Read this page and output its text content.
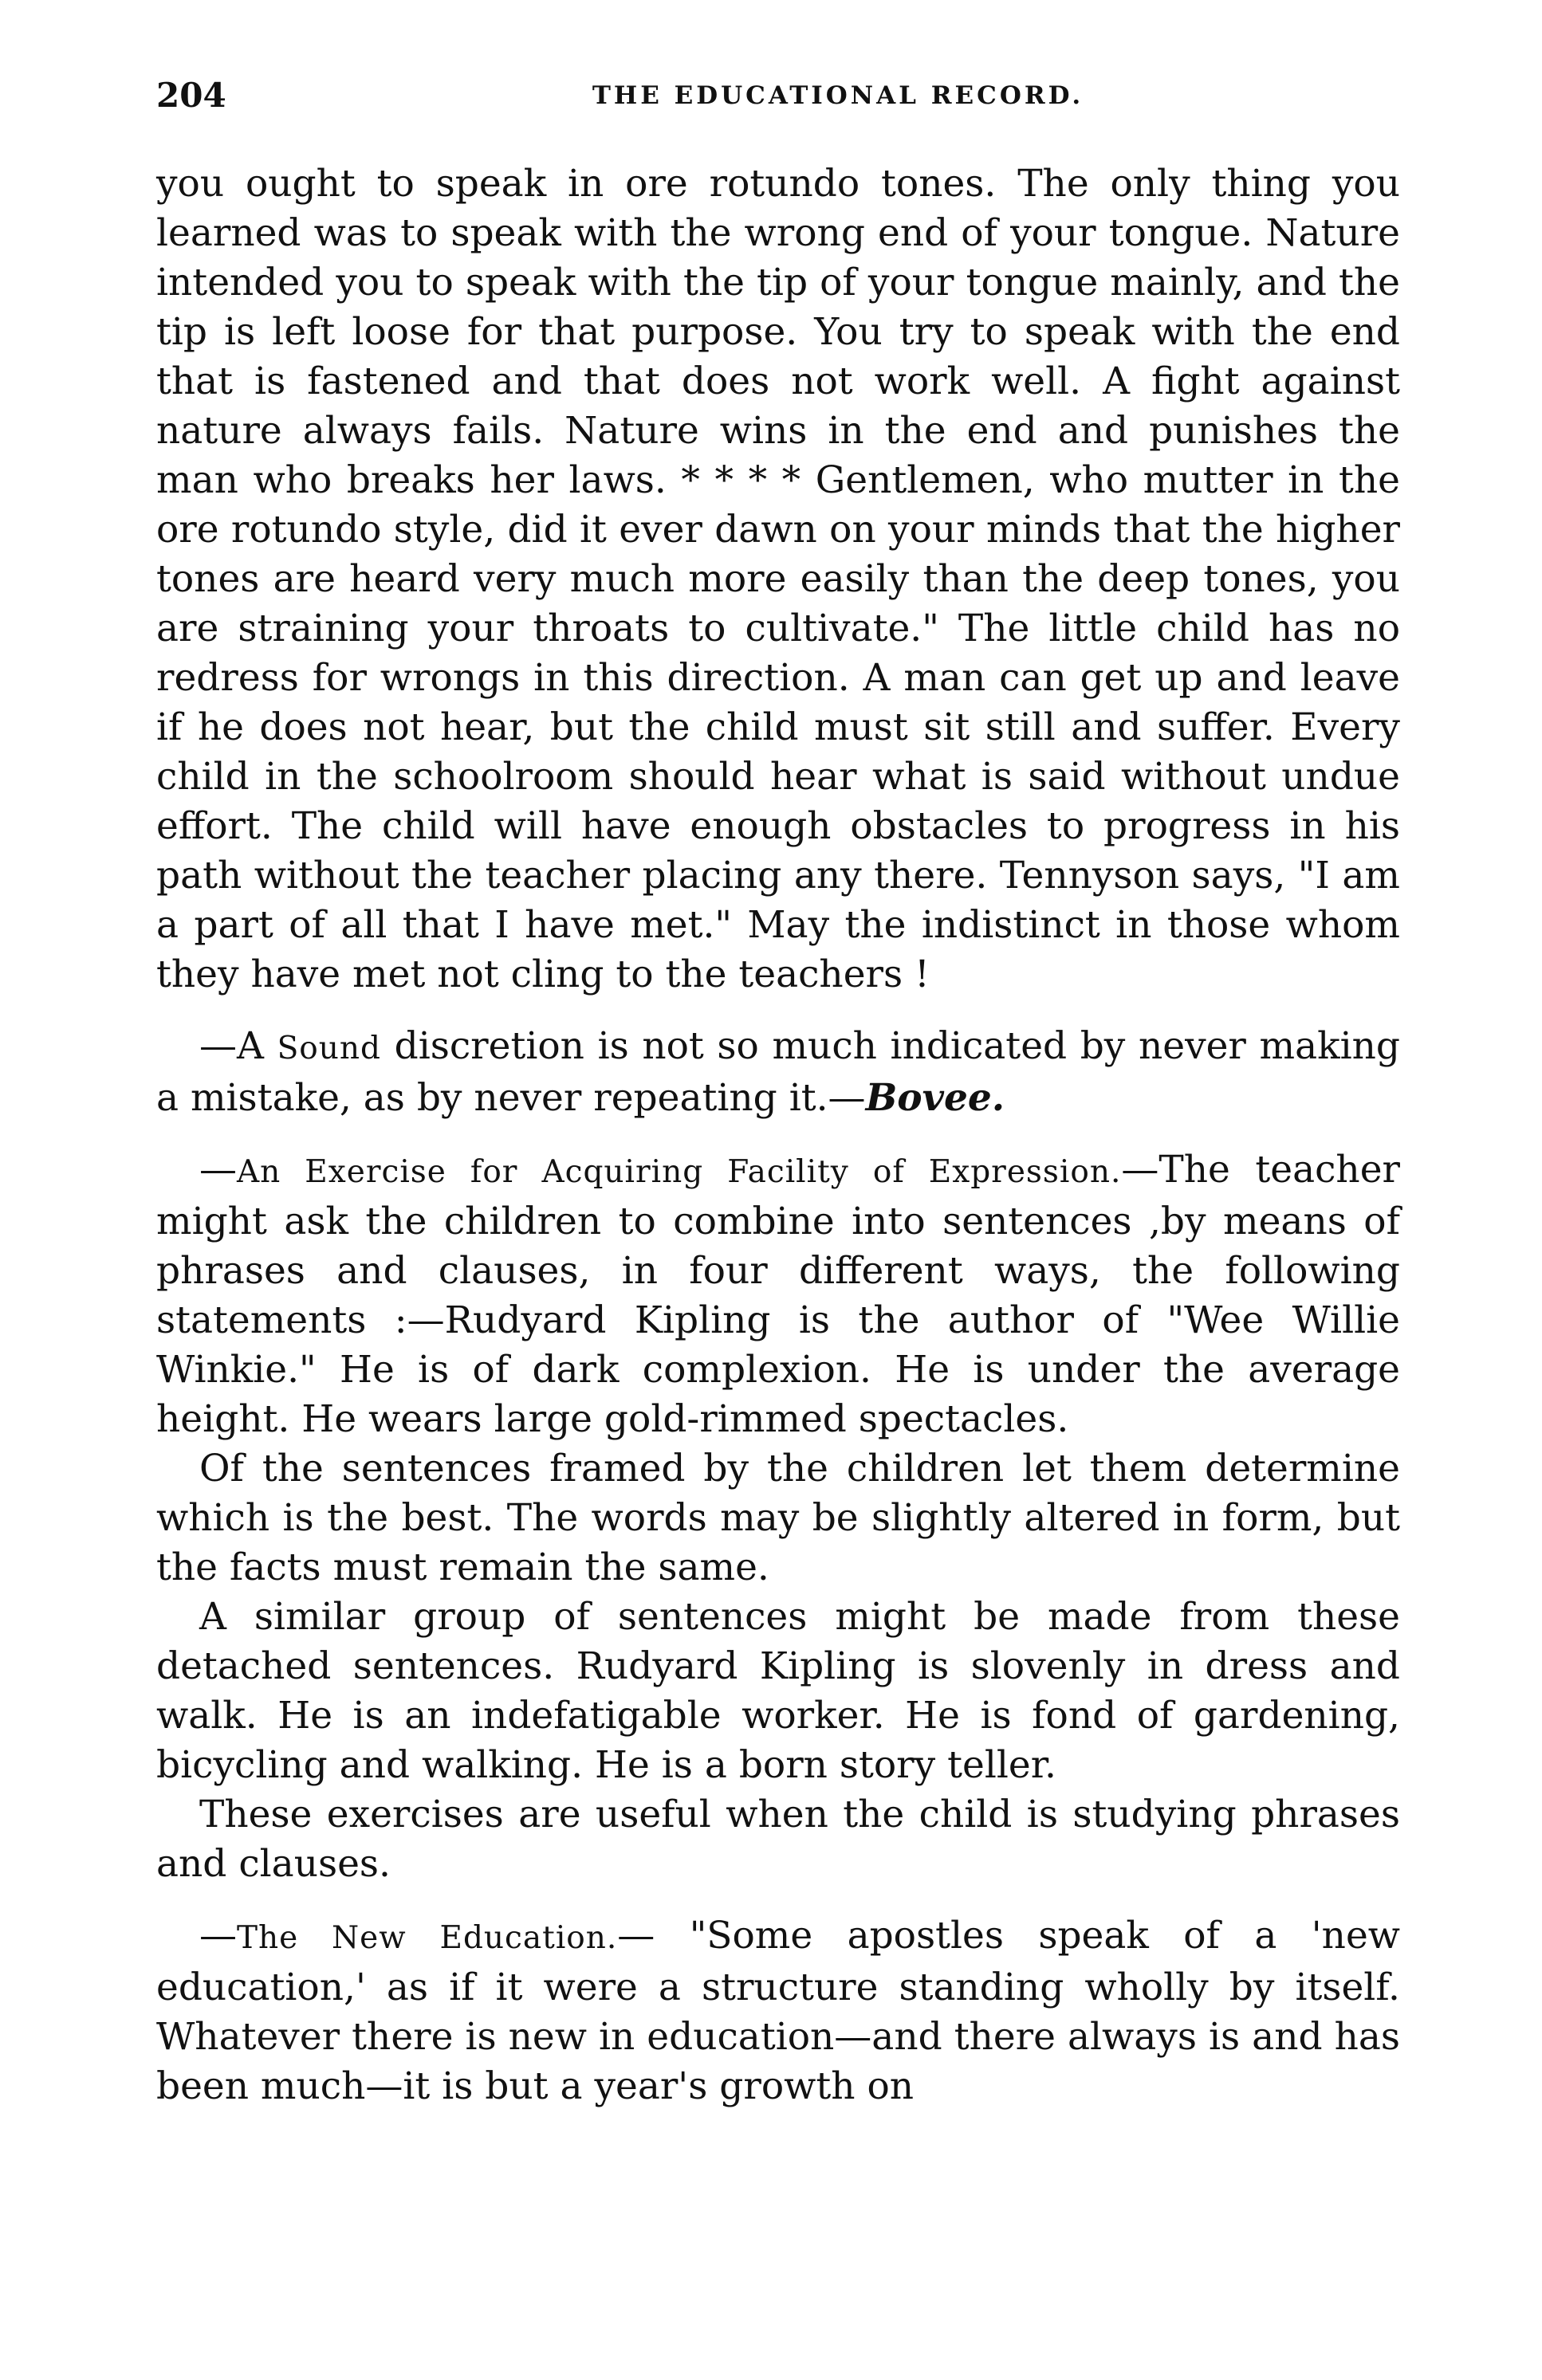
204	THE EDUCATIONAL RECORD.

you ought to speak in ore rotundo tones. The only thing you learned was to speak with the wrong end of your tongue. Nature intended you to speak with the tip of your tongue mainly, and the tip is left loose for that purpose. You try to speak with the end that is fastened and that does not work well. A fight against nature always fails. Nature wins in the end and punishes the man who breaks her laws. * * * * Gentlemen, who mutter in the ore rotundo style, did it ever dawn on your minds that the higher tones are heard very much more easily than the deep tones, you are straining your throats to cultivate." The little child has no redress for wrongs in this direction. A man can get up and leave if he does not hear, but the child must sit still and suffer. Every child in the schoolroom should hear what is said without undue effort. The child will have enough obstacles to progress in his path without the teacher placing any there. Tennyson says, "I am a part of all that I have met." May the indistinct in those whom they have met not cling to the teachers !

—A Sound discretion is not so much indicated by never making a mistake, as by never repeating it.—Bovee.

—An Exercise for Acquiring Facility of Expression.—The teacher might ask the children to combine into sentences ,by means of phrases and clauses, in four different ways, the following statements :—Rudyard Kipling is the author of "Wee Willie Winkie." He is of dark complexion. He is under the average height. He wears large gold-rimmed spectacles.

Of the sentences framed by the children let them determine which is the best. The words may be slightly altered in form, but the facts must remain the same.

A similar group of sentences might be made from these detached sentences. Rudyard Kipling is slovenly in dress and walk. He is an indefatigable worker. He is fond of gardening, bicycling and walking. He is a born story teller.

These exercises are useful when the child is studying phrases and clauses.

—The New Education.— "Some apostles speak of a 'new education,' as if it were a structure standing wholly by itself. Whatever there is new in education—and there always is and has been much—it is but a year's growth on
